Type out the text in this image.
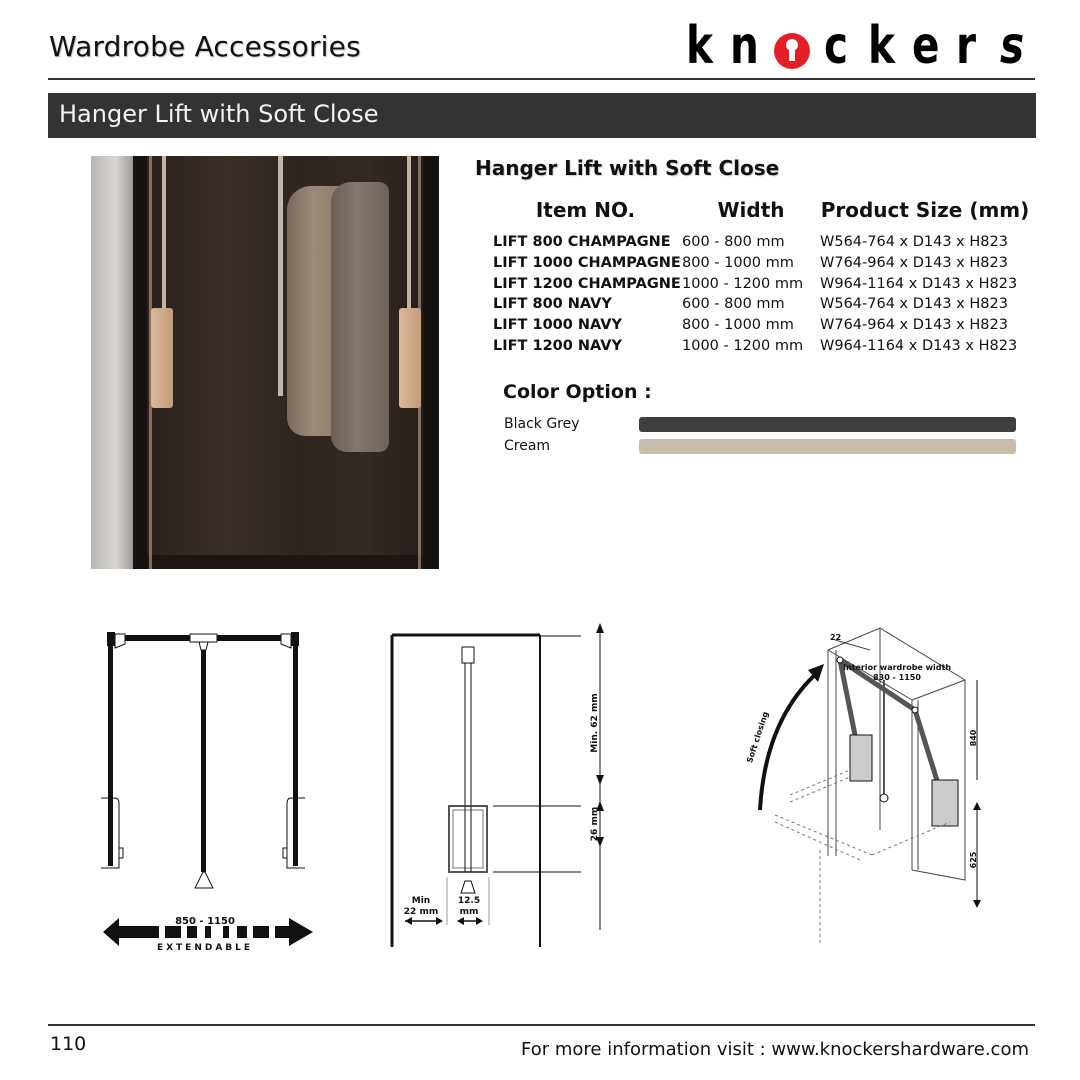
Wardrobe Accessories	k n c k e r s
Hanger Lift with Soft Close
Hanger Lift with Soft Close
Item NO.	Width	Product Size (mm)
LIFT 800 CHAMPAGNE	600 - 800 mm	W564-764 x D143 x H823
LIFT 1000 CHAMPAGNE	800 - 1000 mm	W764-964 x D143 x H823
LIFT 1200 CHAMPAGNE	1000 - 1200 mm	W964-1164 x D143 x H823
LIFT 800 NAVY	600 - 800 mm	W564-764 x D143 x H823
LIFT 1000 NAVY	800 - 1000 mm	W764-964 x D143 x H823
LIFT 1200 NAVY	1000 - 1200 mm	W964-1164 x D143 x H823
Color Option :
Black Grey
Cream
850 - 1150
EXTENDABLE
Min. 62 mm
26 mm
Min
22 mm
12.5
mm
Interior wardrobe width
830 - 1150
22
840
625
Soft closing
110	For more information visit : www.knockershardware.com
